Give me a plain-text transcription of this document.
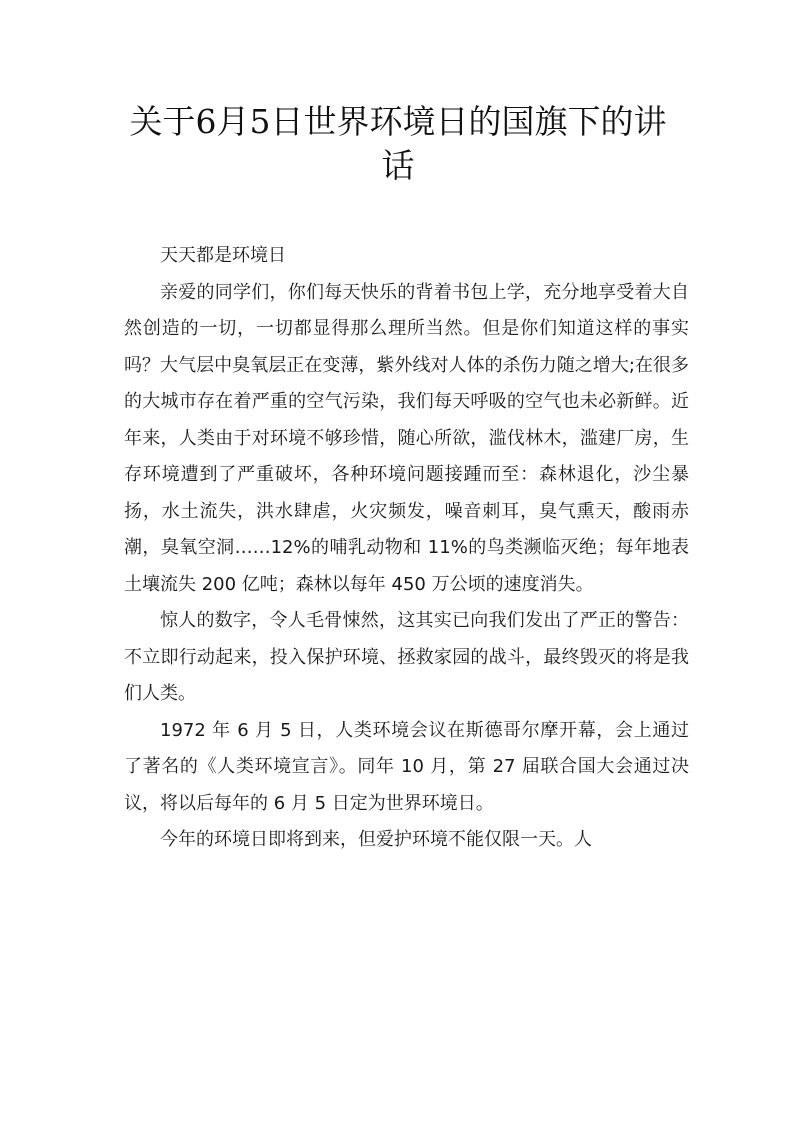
关于6月5日世界环境日的国旗下的讲话

天天都是环境日

亲爱的同学们，你们每天快乐的背着书包上学，充分地享受着大自然创造的一切，一切都显得那么理所当然。但是你们知道这样的事实吗？大气层中臭氧层正在变薄，紫外线对人体的杀伤力随之增大;在很多的大城市存在着严重的空气污染，我们每天呼吸的空气也未必新鲜。近年来，人类由于对环境不够珍惜，随心所欲，滥伐林木，滥建厂房，生存环境遭到了严重破坏，各种环境问题接踵而至：森林退化，沙尘暴扬，水土流失，洪水肆虐，火灾频发，噪音刺耳，臭气熏天，酸雨赤潮，臭氧空洞……12%的哺乳动物和 11%的鸟类濒临灭绝；每年地表土壤流失 200 亿吨；森林以每年 450 万公顷的速度消失。

惊人的数字，令人毛骨悚然，这其实已向我们发出了严正的警告：不立即行动起来，投入保护环境、拯救家园的战斗，最终毁灭的将是我们人类。

1972 年 6 月 5 日，人类环境会议在斯德哥尔摩开幕，会上通过了著名的《人类环境宣言》。同年 10 月，第 27 届联合国大会通过决议，将以后每年的 6 月 5 日定为世界环境日。

今年的环境日即将到来，但爱护环境不能仅限一天。人
